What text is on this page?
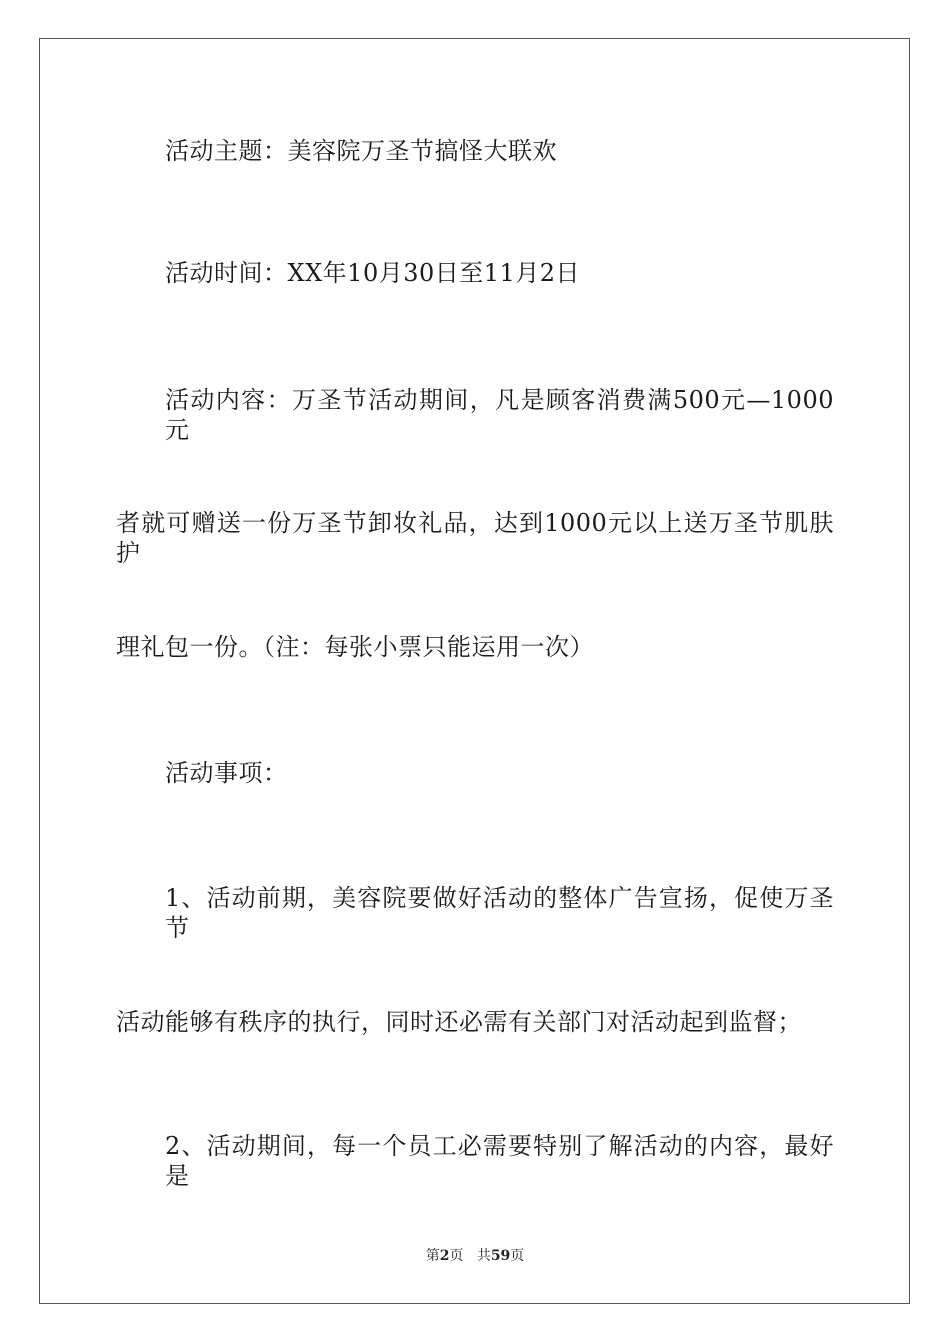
活动主题：美容院万圣节搞怪大联欢
活动时间：XX年10月30日至11月2日
活动内容：万圣节活动期间，凡是顾客消费满500元—1000元
者就可赠送一份万圣节卸妆礼品，达到1000元以上送万圣节肌肤护
理礼包一份。（注：每张小票只能运用一次）
活动事项：
1、活动前期，美容院要做好活动的整体广告宣扬，促使万圣节
活动能够有秩序的执行，同时还必需有关部门对活动起到监督；
2、活动期间，每一个员工必需要特别了解活动的内容，最好是
第2页 共59页
